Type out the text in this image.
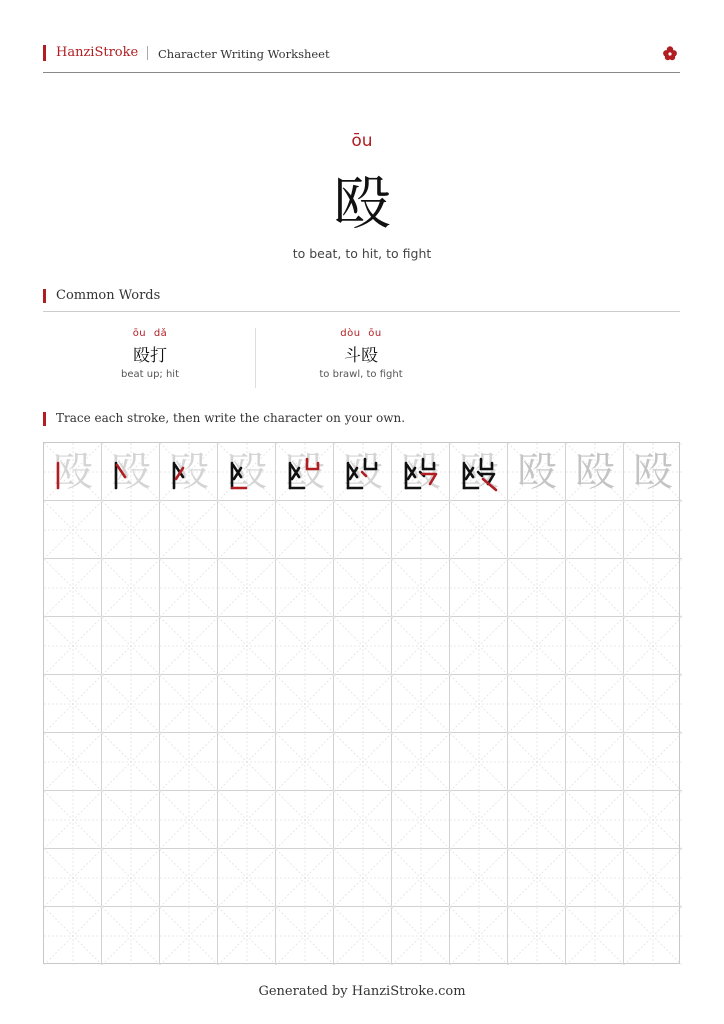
HanziStroke Character Writing Worksheet
ōu
殴
to beat, to hit, to fight
Common Words
ōu dǎ
殴打
beat up; hit
dòu ōu
斗殴
to brawl, to fight
Trace each stroke, then write the character on your own.
殴 殴 殴 殴 殴 殴 殴 殴 殴 殴 殴
Generated by HanziStroke.com
